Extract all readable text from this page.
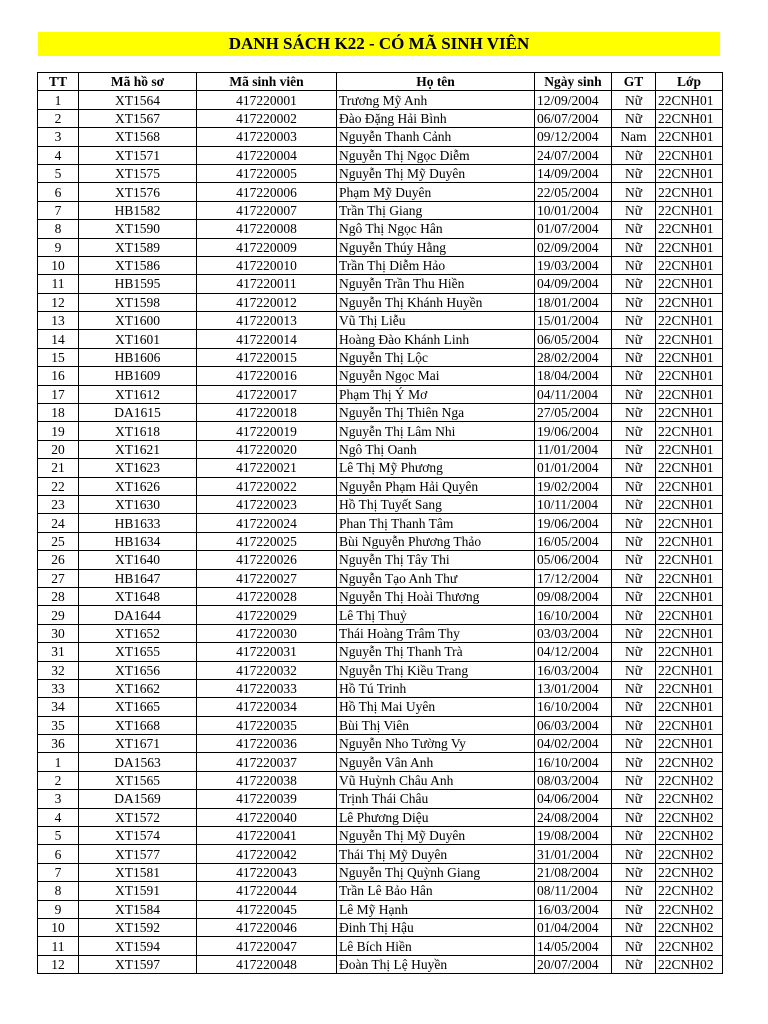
DANH SÁCH K22 - CÓ MÃ SINH VIÊN
TT	Mã hồ sơ	Mã sinh viên	Họ tên	Ngày sinh	GT	Lớp
1	XT1564	417220001	Trương Mỹ Anh	12/09/2004	Nữ	22CNH01
2	XT1567	417220002	Đào Đặng Hải Bình	06/07/2004	Nữ	22CNH01
3	XT1568	417220003	Nguyễn Thanh Cảnh	09/12/2004	Nam	22CNH01
4	XT1571	417220004	Nguyễn Thị Ngọc Diễm	24/07/2004	Nữ	22CNH01
5	XT1575	417220005	Nguyễn Thị Mỹ Duyên	14/09/2004	Nữ	22CNH01
6	XT1576	417220006	Phạm Mỹ Duyên	22/05/2004	Nữ	22CNH01
7	HB1582	417220007	Trần Thị Giang	10/01/2004	Nữ	22CNH01
8	XT1590	417220008	Ngô Thị Ngọc Hân	01/07/2004	Nữ	22CNH01
9	XT1589	417220009	Nguyễn Thúy Hằng	02/09/2004	Nữ	22CNH01
10	XT1586	417220010	Trần Thị Diễm Hảo	19/03/2004	Nữ	22CNH01
11	HB1595	417220011	Nguyễn Trần Thu Hiền	04/09/2004	Nữ	22CNH01
12	XT1598	417220012	Nguyễn Thị Khánh Huyền	18/01/2004	Nữ	22CNH01
13	XT1600	417220013	Vũ Thị Liễu	15/01/2004	Nữ	22CNH01
14	XT1601	417220014	Hoàng Đào Khánh Linh	06/05/2004	Nữ	22CNH01
15	HB1606	417220015	Nguyễn Thị Lộc	28/02/2004	Nữ	22CNH01
16	HB1609	417220016	Nguyễn Ngọc Mai	18/04/2004	Nữ	22CNH01
17	XT1612	417220017	Phạm Thị Ý Mơ	04/11/2004	Nữ	22CNH01
18	DA1615	417220018	Nguyễn Thị Thiên Nga	27/05/2004	Nữ	22CNH01
19	XT1618	417220019	Nguyễn Thị Lâm Nhi	19/06/2004	Nữ	22CNH01
20	XT1621	417220020	Ngô Thị Oanh	11/01/2004	Nữ	22CNH01
21	XT1623	417220021	Lê Thị Mỹ Phương	01/01/2004	Nữ	22CNH01
22	XT1626	417220022	Nguyễn Phạm Hải Quyên	19/02/2004	Nữ	22CNH01
23	XT1630	417220023	Hồ Thị Tuyết Sang	10/11/2004	Nữ	22CNH01
24	HB1633	417220024	Phan Thị Thanh Tâm	19/06/2004	Nữ	22CNH01
25	HB1634	417220025	Bùi Nguyễn Phương Thảo	16/05/2004	Nữ	22CNH01
26	XT1640	417220026	Nguyễn Thị Tây Thi	05/06/2004	Nữ	22CNH01
27	HB1647	417220027	Nguyễn Tạo Anh Thư	17/12/2004	Nữ	22CNH01
28	XT1648	417220028	Nguyễn Thị Hoài Thương	09/08/2004	Nữ	22CNH01
29	DA1644	417220029	Lê Thị Thuỷ	16/10/2004	Nữ	22CNH01
30	XT1652	417220030	Thái Hoàng Trâm Thy	03/03/2004	Nữ	22CNH01
31	XT1655	417220031	Nguyễn Thị Thanh Trà	04/12/2004	Nữ	22CNH01
32	XT1656	417220032	Nguyễn Thị Kiều Trang	16/03/2004	Nữ	22CNH01
33	XT1662	417220033	Hồ Tú Trinh	13/01/2004	Nữ	22CNH01
34	XT1665	417220034	Hồ Thị Mai Uyên	16/10/2004	Nữ	22CNH01
35	XT1668	417220035	Bùi Thị Viên	06/03/2004	Nữ	22CNH01
36	XT1671	417220036	Nguyễn Nho Tường Vy	04/02/2004	Nữ	22CNH01
1	DA1563	417220037	Nguyễn Vân Anh	16/10/2004	Nữ	22CNH02
2	XT1565	417220038	Vũ Huỳnh Châu Anh	08/03/2004	Nữ	22CNH02
3	DA1569	417220039	Trịnh Thái Châu	04/06/2004	Nữ	22CNH02
4	XT1572	417220040	Lê Phương Diệu	24/08/2004	Nữ	22CNH02
5	XT1574	417220041	Nguyễn Thị Mỹ Duyên	19/08/2004	Nữ	22CNH02
6	XT1577	417220042	Thái Thị Mỹ Duyên	31/01/2004	Nữ	22CNH02
7	XT1581	417220043	Nguyễn Thị Quỳnh Giang	21/08/2004	Nữ	22CNH02
8	XT1591	417220044	Trần Lê Bảo Hân	08/11/2004	Nữ	22CNH02
9	XT1584	417220045	Lê Mỹ Hạnh	16/03/2004	Nữ	22CNH02
10	XT1592	417220046	Đinh Thị Hậu	01/04/2004	Nữ	22CNH02
11	XT1594	417220047	Lê Bích Hiền	14/05/2004	Nữ	22CNH02
12	XT1597	417220048	Đoàn Thị Lệ Huyền	20/07/2004	Nữ	22CNH02
